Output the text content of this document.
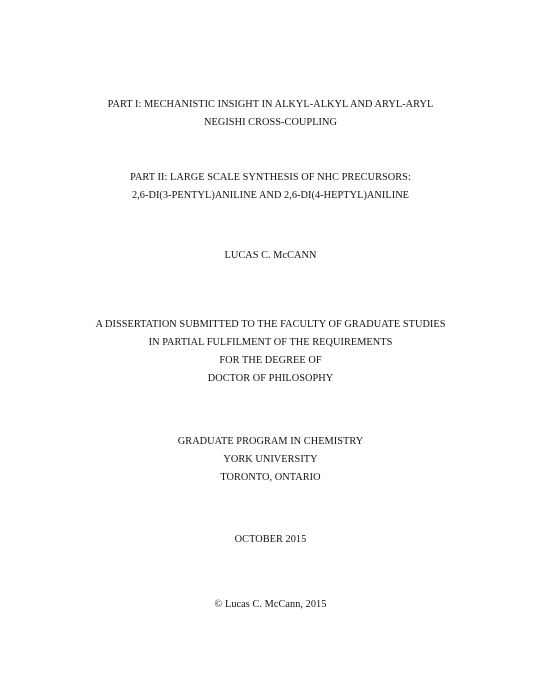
PART I: MECHANISTIC INSIGHT IN ALKYL-ALKYL AND ARYL-ARYL
NEGISHI CROSS-COUPLING
PART II: LARGE SCALE SYNTHESIS OF NHC PRECURSORS:
2,6-DI(3-PENTYL)ANILINE AND 2,6-DI(4-HEPTYL)ANILINE
LUCAS C. McCANN
A DISSERTATION SUBMITTED TO THE FACULTY OF GRADUATE STUDIES
IN PARTIAL FULFILMENT OF THE REQUIREMENTS
FOR THE DEGREE OF
DOCTOR OF PHILOSOPHY
GRADUATE PROGRAM IN CHEMISTRY
YORK UNIVERSITY
TORONTO, ONTARIO
OCTOBER 2015
© Lucas C. McCann, 2015
